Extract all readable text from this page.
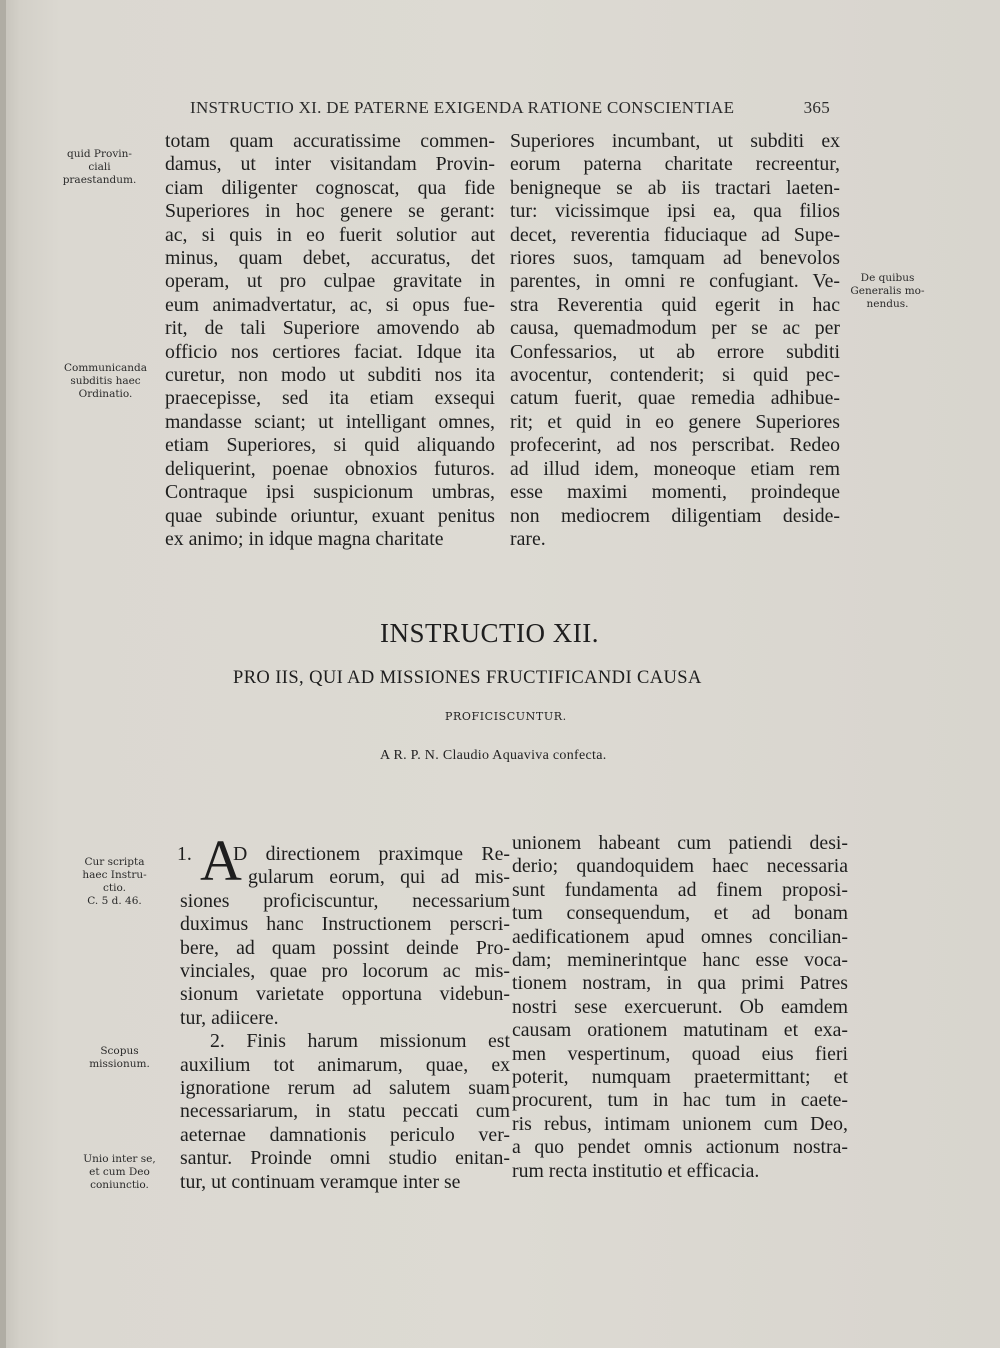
INSTRUCTIO XI. DE PATERNE EXIGENDA RATIONE CONSCIENTIAE	365
quid Provin-
ciali
praestandum.
Communicanda
subditis haec
Ordinatio.
De quibus
Generalis mo-
nendus.
Cur scripta
haec Instru-
ctio.
C. 5 d. 46.
Scopus
missionum.
Unio inter se,
et cum Deo
coniunctio.
totam quam accuratissime commen-
damus, ut inter visitandam Provin-
ciam diligenter cognoscat, qua fide
Superiores in hoc genere se gerant:
ac, si quis in eo fuerit solutior aut
minus, quam debet, accuratus, det
operam, ut pro culpae gravitate in
eum animadvertatur, ac, si opus fue-
rit, de tali Superiore amovendo ab
officio nos certiores faciat. Idque ita
curetur, non modo ut subditi nos ita
praecepisse, sed ita etiam exsequi
mandasse sciant; ut intelligant omnes,
etiam Superiores, si quid aliquando
deliquerint, poenae obnoxios futuros.
Contraque ipsi suspicionum umbras,
quae subinde oriuntur, exuant penitus
ex animo; in idque magna charitate
Superiores incumbant, ut subditi ex
eorum paterna charitate recreentur,
benigneque se ab iis tractari laeten-
tur: vicissimque ipsi ea, qua filios
decet, reverentia fiduciaque ad Supe-
riores suos, tamquam ad benevolos
parentes, in omni re confugiant. Ve-
stra Reverentia quid egerit in hac
causa, quemadmodum per se ac per
Confessarios, ut ab errore subditi
avocentur, contenderit; si quid pec-
catum fuerit, quae remedia adhibue-
rit; et quid in eo genere Superiores
profecerint, ad nos perscribat. Redeo
ad illud idem, moneoque etiam rem
esse maximi momenti, proindeque
non mediocrem diligentiam deside-
rare.
INSTRUCTIO XII.
PRO IIS, QUI AD MISSIONES FRUCTIFICANDI CAUSA
PROFICISCUNTUR.
A R. P. N. Claudio Aquaviva confecta.
1. D directionem praximque Re-
gularum eorum, qui ad mis-
siones proficiscuntur, necessarium
duximus hanc Instructionem perscri-
bere, ad quam possint deinde Pro-
vinciales, quae pro locorum ac mis-
sionum varietate opportuna videbun-
tur, adiicere.
2. Finis harum missionum est
auxilium tot animarum, quae, ex
ignoratione rerum ad salutem suam
necessariarum, in statu peccati cum
aeternae damnationis periculo ver-
santur. Proinde omni studio enitan-
tur, ut continuam veramque inter se
A	unionem habeant cum patiendi desi-
derio; quandoquidem haec necessaria
sunt fundamenta ad finem proposi-
tum consequendum, et ad bonam
aedificationem apud omnes concilian-
dam; meminerintque hanc esse voca-
tionem nostram, in qua primi Patres
nostri sese exercuerunt. Ob eamdem
causam orationem matutinam et exa-
men vespertinum, quoad eius fieri
poterit, numquam praetermittant; et
procurent, tum in hac tum in caete-
ris rebus, intimam unionem cum Deo,
a quo pendet omnis actionum nostra-
rum recta institutio et efficacia.
